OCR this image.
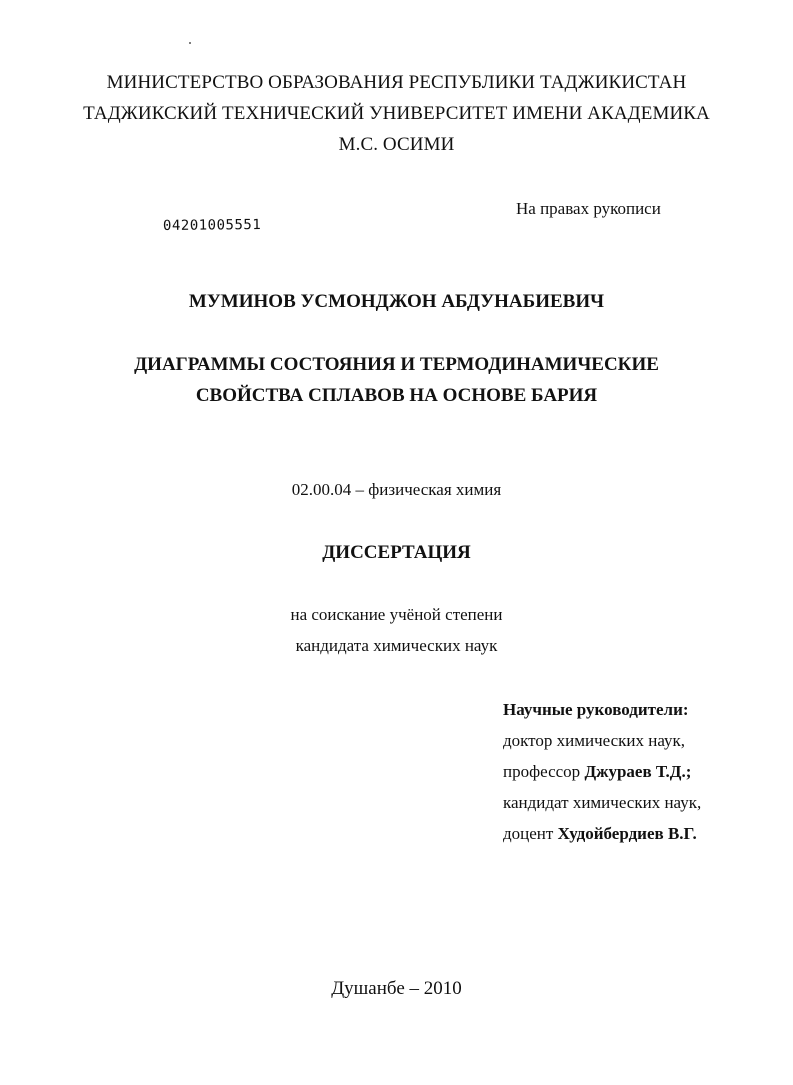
МИНИСТЕРСТВО ОБРАЗОВАНИЯ РЕСПУБЛИКИ ТАДЖИКИСТАН
ТАДЖИКСКИЙ ТЕХНИЧЕСКИЙ УНИВЕРСИТЕТ ИМЕНИ АКАДЕМИКА
М.С. ОСИМИ
На правах рукописи
04201005551
МУМИНОВ УСМОНДЖОН АБДУНАБИЕВИЧ
ДИАГРАММЫ СОСТОЯНИЯ И ТЕРМОДИНАМИЧЕСКИЕ
СВОЙСТВА СПЛАВОВ НА ОСНОВЕ БАРИЯ
02.00.04 – физическая химия
ДИССЕРТАЦИЯ
на соискание учёной степени
кандидата химических наук
Научные руководители:
доктор химических наук,
профессор Джураев Т.Д.;
кандидат химических наук,
доцент Худойбердиев В.Г.
Душанбе – 2010
